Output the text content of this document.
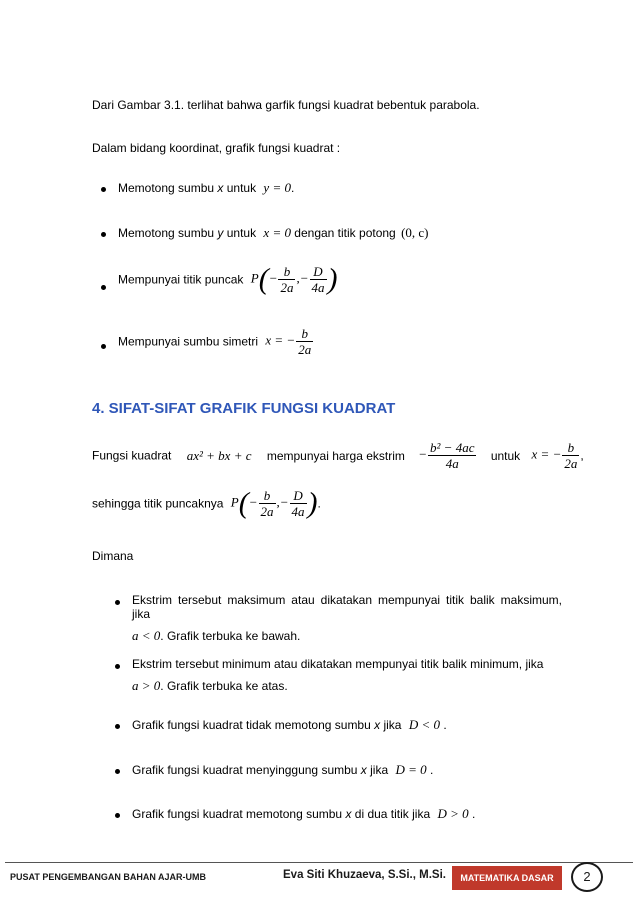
Dari Gambar 3.1. terlihat bahwa garfik fungsi kuadrat bebentuk parabola.
Dalam bidang koordinat, grafik fungsi kuadrat :
Memotong sumbu x untuk y = 0.
Memotong sumbu y untuk x = 0 dengan titik potong (0, c)
Mempunyai titik puncak $P(- \frac{b}{2a}$ ,− $\frac{D}{4a}$ )
Mempunyai sumbu simetri x = − $\frac{b}{2a}$
4. SIFAT-SIFAT GRAFIK FUNGSI KUADRAT
Fungsi kuadrat ax² + bx + c mempunyai harga ekstrim − $\frac{\text{b² − 4ac}}{4a}$ untuk x = − $\frac{b}{2a}$ ,
sehingga titik puncaknya $P(- \frac{b}{2a}$ ,− $\frac{D}{4a}$ ).
Dimana
Ekstrim tersebut maksimum atau dikatakan mempunyai titik balik maksimum, jika
a < 0. Grafik terbuka ke bawah.
Ekstrim tersebut minimum atau dikatakan mempunyai titik balik minimum, jika
a > 0. Grafik terbuka ke atas.
Grafik fungsi kuadrat tidak memotong sumbu x jika D < 0 .
Grafik fungsi kuadrat menyinggung sumbu x jika D = 0 .
Grafik fungsi kuadrat memotong sumbu x di dua titik jika D > 0 .
PUSAT PENGEMBANGAN BAHAN AJAR-UMB	Eva Siti Khuzaeva, S.Si., M.Si.	MATEMATIKA DASAR	2
